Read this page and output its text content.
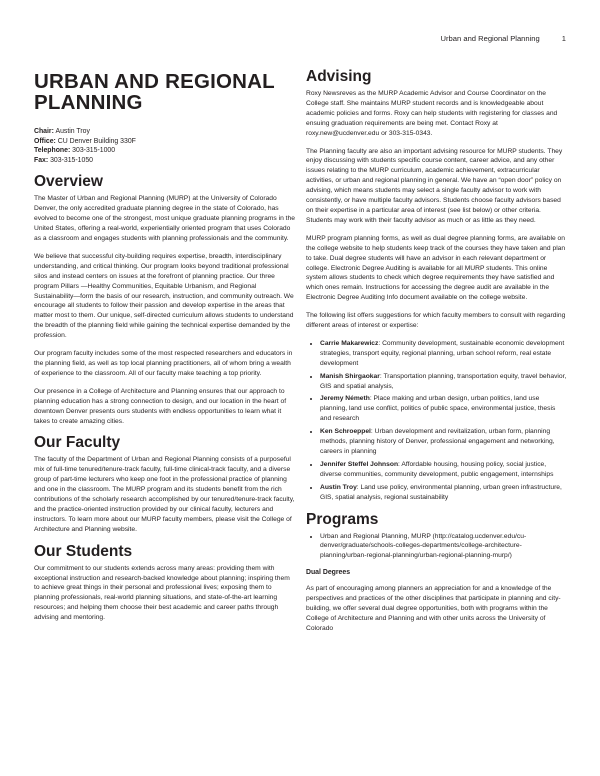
Urban and Regional Planning	1
URBAN AND REGIONAL PLANNING
Chair: Austin Troy
Office: CU Denver Building 330F
Telephone: 303-315-1000
Fax: 303-315-1050
Overview

The Master of Urban and Regional Planning (MURP) at the University of Colorado Denver, the only accredited graduate planning degree in the state of Colorado, has evolved to become one of the strongest, most unique graduate planning programs in the United States, offering a real-world, experientially oriented program that uses Colorado as a classroom and engages students with planning professionals and the community.

We believe that successful city-building requires expertise, breadth, interdisciplinary understanding, and critical thinking. Our program looks beyond traditional professional silos and instead centers on issues at the forefront of planning practice. Our three program Pillars —Healthy Communities, Equitable Urbanism, and Regional Sustainability—form the basis of our research, instruction, and community outreach. We encourage all students to follow their passion and develop expertise in the areas that matter most to them. Our unique, self-directed curriculum allows students to understand the breadth of the planning field while gaining the technical expertise demanded by the profession.

Our program faculty includes some of the most respected researchers and educators in the planning field, as well as top local planning practitioners, all of whom bring a wealth of experience to the classroom. All of our faculty make teaching a top priority.

Our presence in a College of Architecture and Planning ensures that our approach to planning education has a strong connection to design, and our location in the heart of downtown Denver presents ours students with endless opportunities to learn what it takes to create amazing cities.

Our Faculty

The faculty of the Department of Urban and Regional Planning consists of a purposeful mix of full-time tenured/tenure-track faculty, full-time clinical-track faculty, and a diverse group of part-time lecturers who keep one foot in the professional practice of planning and one in the classroom. The MURP program and its students benefit from the rich contributions of the scholarly research accomplished by our tenured/tenure-track faculty, and the practice-oriented instruction provided by our clinical faculty, lecturers and instructors. To learn more about our MURP faculty members, please visit the College of Architecture and Planning website.

Our Students

Our commitment to our students extends across many areas: providing them with exceptional instruction and research-backed knowledge about planning; inspiring them to achieve great things in their personal and professional lives; exposing them to planning professionals, real-world planning situations, and state-of-the-art learning resources; and helping them choose their best academic and career paths through advising and mentoring.

Advising

Roxy Newsreves as the MURP Academic Advisor and Course Coordinator on the College staff. She maintains MURP student records and is knowledgeable about academic policies and forms. Roxy can help students with registering for classes and ensuing graduation requirements are being met. Contact Roxy at roxy.new@ucdenver.edu or 303-315-0343.

The Planning faculty are also an important advising resource for MURP students. They enjoy discussing with students specific course content, career advice, and any other issues relating to the MURP curriculum, academic achievement, extracurricular activities, or urban and regional planning in general. We have an “open door” policy on advising, which means students may select a single faculty advisor to work with consistently, or have multiple faculty advisors. Students choose faculty advisors based on their expertise in a particular area of interest (see list below) or other criteria. Students may work with their faculty advisor as much or as little as they need.

MURP program planning forms, as well as dual degree planning forms, are available on the college website to help students keep track of the courses they have taken and plan to take. Dual degree students will have an advisor in each relevant department or college. Electronic Degree Auditing is available for all MURP students. This online system allows students to check which degree requirements they have satisfied and which ones remain. Instructions for accessing the degree audit are available in the Electronic Degree Auditing Info document available on the college website.

The following list offers suggestions for which faculty members to consult with regarding different areas of interest or expertise:

• Carrie Makarewicz: Community development, sustainable economic development strategies, transport equity, regional planning, urban school reform, real estate development
• Manish Shirgaokar: Transportation planning, transportation equity, travel behavior, GIS and spatial analysis,
• Jeremy Németh: Place making and urban design, urban politics, land use planning, land use conflict, politics of public space, environmental justice, thesis and research
• Ken Schroeppel: Urban development and revitalization, urban form, planning methods, planning history of Denver, professional engagement and networking, careers in planning
• Jennifer Steffel Johnson: Affordable housing, housing policy, social justice, diverse communities, community development, public engagement, internships
• Austin Troy: Land use policy, environmental planning, urban green infrastructure, GIS, spatial analysis, regional sustainability
Programs
• Urban and Regional Planning, MURP (http://catalog.ucdenver.edu/cu-denver/graduate/schools-colleges-departments/college-architecture-planning/urban-regional-planning/urban-regional-planning-murp/)
Dual Degrees

As part of encouraging among planners an appreciation for and a knowledge of the perspectives and practices of the other disciplines that participate in planning and city-building, we offer several dual degree opportunities, both with programs within the College of Architecture and Planning and with other units across the University of Colorado
